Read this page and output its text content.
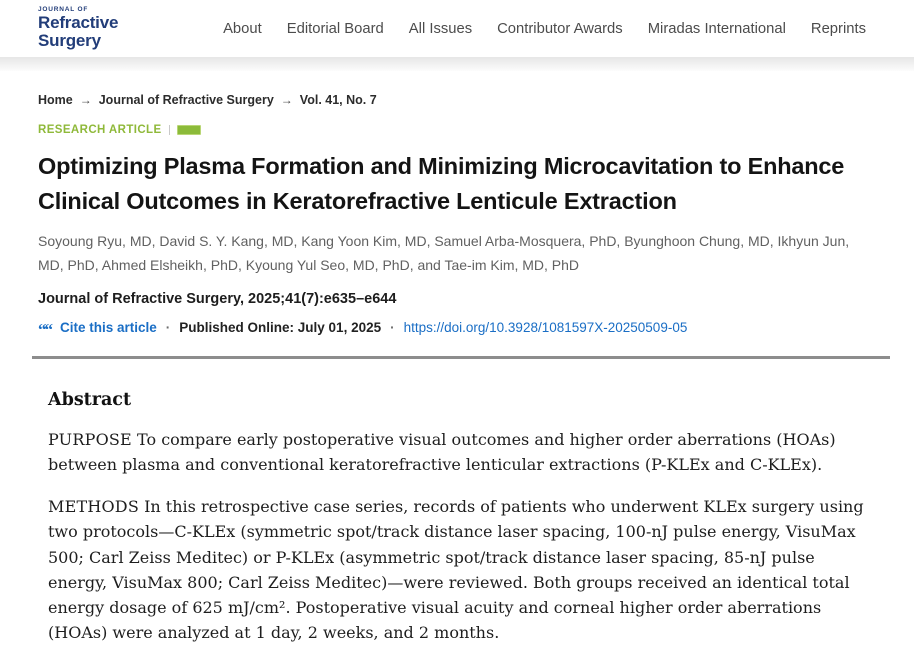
JOURNAL OF
Refractive
Surgery
About Editorial Board All Issues Contributor Awards Miradas International Reprints
Home → Journal of Refractive Surgery → Vol. 41, No. 7
RESEARCH ARTICLE
Optimizing Plasma Formation and Minimizing Microcavitation to Enhance Clinical Outcomes in Keratorefractive Lenticule Extraction
Soyoung Ryu, MD, David S. Y. Kang, MD, Kang Yoon Kim, MD, Samuel Arba-Mosquera, PhD, Byunghoon Chung, MD, Ikhyun Jun, MD, PhD, Ahmed Elsheikh, PhD, Kyoung Yul Seo, MD, PhD, and Tae-im Kim, MD, PhD
Journal of Refractive Surgery, 2025;41(7):e635–e644
““ Cite this article · Published Online: July 01, 2025 · https://doi.org/10.3928/1081597X-20250509-05
Abstract

PURPOSE To compare early postoperative visual outcomes and higher order aberrations (HOAs) between plasma and conventional keratorefractive lenticular extractions (P-KLEx and C-KLEx).

METHODS In this retrospective case series, records of patients who underwent KLEx surgery using two protocols—C-KLEx (symmetric spot/track distance laser spacing, 100-nJ pulse energy, VisuMax 500; Carl Zeiss Meditec) or P-KLEx (asymmetric spot/track distance laser spacing, 85-nJ pulse energy, VisuMax 800; Carl Zeiss Meditec)—were reviewed. Both groups received an identical total energy dosage of 625 mJ/cm². Postoperative visual acuity and corneal higher order aberrations (HOAs) were analyzed at 1 day, 2 weeks, and 2 months.
